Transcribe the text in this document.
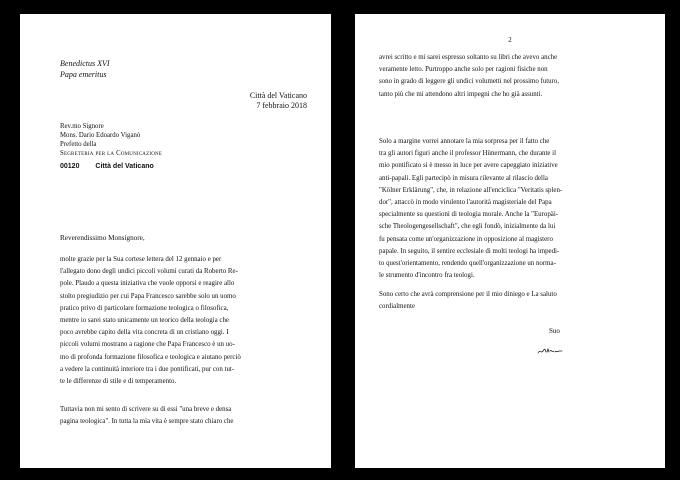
Benedictus XVI
Papa emeritus
Città del Vaticano
7 febbraio 2018
Rev.mo Signore
Mons. Dario Edoardo Viganò
Prefetto della
Segreteria per la Comunicazione
00120 Città del Vaticano
Reverendissimo Monsignore,
molte grazie per la Sua cortese lettera del 12 gennaio e per
l'allegato dono degli undici piccoli volumi curati da Roberto Re-
pole. Plaudo a questa iniziativa che vuole opporsi e reagire allo
stolto pregiudizio per cui Papa Francesco sarebbe solo un uomo
pratico privo di particolare formazione teologica o filosofica,
mentre io sarei stato unicamente un teorico della teologia che
poco avrebbe capito della vita concreta di un cristiano oggi. I
piccoli volumi mostrano a ragione che Papa Francesco è un uo-
mo di profonda formazione filosofica e teologica e aiutano perciò
a vedere la continuità interiore tra i due pontificati, pur con tut-
te le differenze di stile e di temperamento.
Tuttavia non mi sento di scrivere su di essi "una breve e densa
pagina teologica". In tutta la mia vita è sempre stato chiaro che
2
avrei scritto e mi sarei espresso soltanto su libri che avevo anche
veramente letto. Purtroppo anche solo per ragioni fisiche non
sono in grado di leggere gli undici volumetti nel prossimo futuro,
tanto più che mi attendono altri impegni che ho già assunti.
Solo a margine vorrei annotare la mia sorpresa per il fatto che
tra gli autori figuri anche il professor Hünermann, che durante il
mio pontificato si è messo in luce per avere capeggiato iniziative
anti-papali. Egli partecipò in misura rilevante al rilascio della
"Kölner Erklärung", che, in relazione all'enciclica "Veritatis splen-
dor", attaccò in modo virulento l'autorità magisteriale del Papa
specialmente su questioni di teologia morale. Anche la "Europäi-
sche Theologengesellschaft", che egli fondò, inizialmente da lui
fu pensata come un'organizzazione in opposizione al magistero
papale. In seguito, il sentire ecclesiale di molti teologi ha impedi-
to quest'orientamento, rendendo quell'organizzazione un norma-
le strumento d'incontro fra teologi.
Sono certo che avrà comprensione per il mio diniego e La saluto
cordialmente
Suo
